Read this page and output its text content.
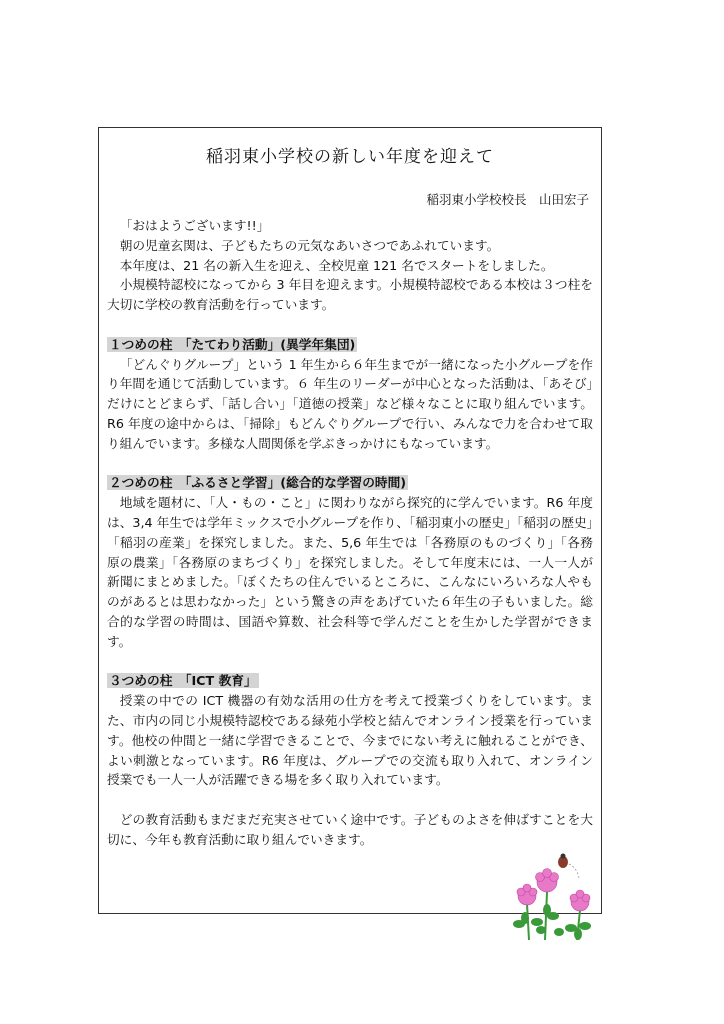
稲羽東小学校の新しい年度を迎えて
稲羽東小学校校長　山田宏子

「おはようございます!!」

朝の児童玄関は、子どもたちの元気なあいさつであふれています。

本年度は、21 名の新入生を迎え、全校児童 121 名でスタートをしました。

小規模特認校になってから 3 年目を迎えます。小規模特認校である本校は３つ柱を大切に学校の教育活動を行っています。

１つめの柱　「たてわり活動」(異学年集団)

「どんぐりグループ」という 1 年生から６年生までが一緒になった小グループを作り年間を通じて活動しています。６ 年生のリーダーが中心となった活動は、「あそび」だけにとどまらず、「話し合い」「道徳の授業」など様々なことに取り組んでいます。R6 年度の途中からは、「掃除」もどんぐりグループで行い、みんなで力を合わせて取り組んでいます。多様な人間関係を学ぶきっかけにもなっています。

２つめの柱　「ふるさと学習」(総合的な学習の時間)

地域を題材に、「人・もの・こと」に関わりながら探究的に学んでいます。R6 年度は、3,4 年生では学年ミックスで小グループを作り、「稲羽東小の歴史」「稲羽の歴史」「稲羽の産業」を探究しました。また、5,6 年生では「各務原のものづくり」「各務原の農業」「各務原のまちづくり」を探究しました。そして年度末には、一人一人が新聞にまとめました。「ぼくたちの住んでいるところに、こんなにいろいろな人やものがあるとは思わなかった」という驚きの声をあげていた６年生の子もいました。総合的な学習の時間は、国語や算数、社会科等で学んだことを生かした学習ができます。

３つめの柱　「ICT 教育」

授業の中での ICT 機器の有効な活用の仕方を考えて授業づくりをしています。また、市内の同じ小規模特認校である緑苑小学校と結んでオンライン授業を行っています。他校の仲間と一緒に学習できることで、今までにない考えに触れることができ、よい刺激となっています。R6 年度は、グループでの交流も取り入れて、オンライン授業でも一人一人が活躍できる場を多く取り入れています。

どの教育活動もまだまだ充実させていく途中です。子どものよさを伸ばすことを大切に、今年も教育活動に取り組んでいきます。
